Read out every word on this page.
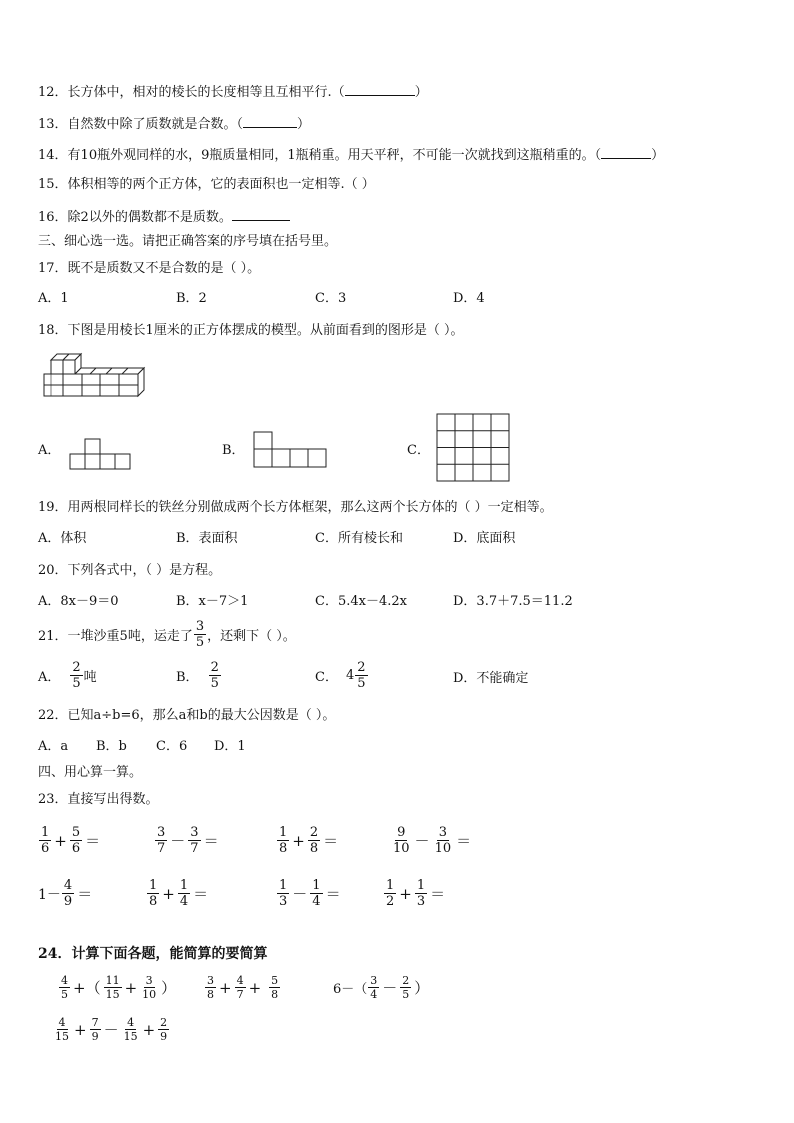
12．长方体中，相对的棱长的长度相等且互相平行.（	）
13．自然数中除了质数就是合数。（	）
14．有10瓶外观同样的水，9瓶质量相同，1瓶稍重。用天平秤，不可能一次就找到这瓶稍重的。（	）
15．体积相等的两个正方体，它的表面积也一定相等.（ ）
16．除2以外的偶数都不是质数。
三、细心选一选。请把正确答案的序号填在括号里。
17．既不是质数又不是合数的是（ ）。
A．1	B．2	C．3	D．4
18．下图是用棱长1厘米的正方体摆成的模型。从前面看到的图形是（ ）。
A．	B．	C．
19．用两根同样长的铁丝分别做成两个长方体框架，那么这两个长方体的（ ）一定相等。
A．体积	B．表面积	C．所有棱长和	D．底面积
20．下列各式中，（ ）是方程。
A．8x－9＝0	B．x－7＞1	C．5.4x－4.2x	D．3.7＋7.5＝11.2
21．一堆沙重5吨，运走了 $\frac{3}{5}$ ，还剩下（ ）。
A． $\frac{2}{5}$ 吨	B． $\frac{2}{5}$	C． $4 \frac{2}{5}$	D．不能确定
22．已知a÷b=6，那么a和b的最大公因数是（ ）。
A．a B．b C．6 D．1
四、用心算一算。
23．直接写出得数。
$\frac{1}{6} + \frac{5}{6}$ ＝	$\frac{3}{7} - \frac{3}{7}$ ＝	$\frac{1}{8} + \frac{2}{8}$ ＝	$\frac{9}{10} - \frac{3}{10}$ ＝
$1- \frac{4}{9}$ ＝	$\frac{1}{8} + \frac{1}{4}$ ＝	$\frac{1}{3} - \frac{1}{4}$ ＝	$\frac{1}{2} + \frac{1}{3}$ ＝
24．计算下面各题，能简算的要简算
$\frac{4}{5}$ +（ $\frac{11}{15} + \frac{3}{10}$ ）	$\frac{3}{8} + \frac{4}{7} + \frac{5}{8}$	$6-( \frac{3}{4} - \frac{2}{5}$ ）
$\frac{4}{15} + \frac{7}{9} - \frac{4}{15} + \frac{2}{9}$
